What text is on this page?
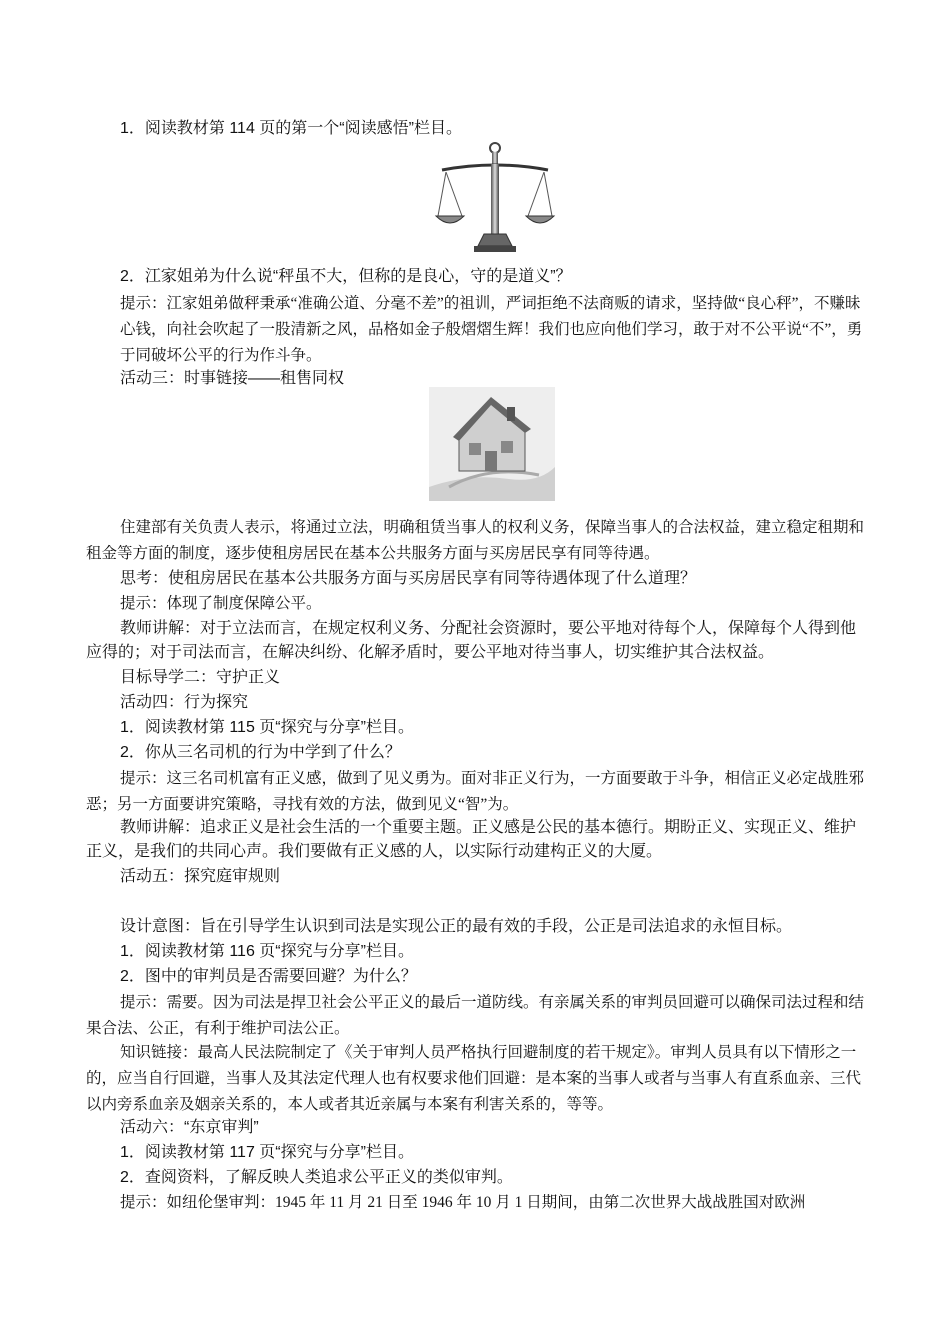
1．阅读教材第 114 页的第一个“阅读感悟”栏目。

2．江家姐弟为什么说“秤虽不大，但称的是良心，守的是道义”？

提示：江家姐弟做秤秉承“准确公道、分毫不差”的祖训，严词拒绝不法商贩的请求，坚持做“良心秤”，不赚昧心钱，向社会吹起了一股清新之风，品格如金子般熠熠生辉！我们也应向他们学习，敢于对不公平说“不”，勇于同破坏公平的行为作斗争。

活动三：时事链接——租售同权

住建部有关负责人表示，将通过立法，明确租赁当事人的权利义务，保障当事人的合法权益，建立稳定租期和租金等方面的制度，逐步使租房居民在基本公共服务方面与买房居民享有同等待遇。

思考：使租房居民在基本公共服务方面与买房居民享有同等待遇体现了什么道理？

提示：体现了制度保障公平。

教师讲解：对于立法而言，在规定权利义务、分配社会资源时，要公平地对待每个人，保障每个人得到他应得的；对于司法而言，在解决纠纷、化解矛盾时，要公平地对待当事人，切实维护其合法权益。

目标导学二：守护正义

活动四：行为探究

1．阅读教材第 115 页“探究与分享”栏目。

2．你从三名司机的行为中学到了什么？

提示：这三名司机富有正义感，做到了见义勇为。面对非正义行为，一方面要敢于斗争，相信正义必定战胜邪恶；另一方面要讲究策略，寻找有效的方法，做到见义“智”为。

教师讲解：追求正义是社会生活的一个重要主题。正义感是公民的基本德行。期盼正义、实现正义、维护正义，是我们的共同心声。我们要做有正义感的人，以实际行动建构正义的大厦。

活动五：探究庭审规则

设计意图：旨在引导学生认识到司法是实现公正的最有效的手段，公正是司法追求的永恒目标。

1．阅读教材第 116 页“探究与分享”栏目。

2．图中的审判员是否需要回避？为什么？

提示：需要。因为司法是捍卫社会公平正义的最后一道防线。有亲属关系的审判员回避可以确保司法过程和结果合法、公正，有利于维护司法公正。

知识链接：最高人民法院制定了《关于审判人员严格执行回避制度的若干规定》。审判人员具有以下情形之一的，应当自行回避，当事人及其法定代理人也有权要求他们回避：是本案的当事人或者与当事人有直系血亲、三代以内旁系血亲及姻亲关系的，本人或者其近亲属与本案有利害关系的，等等。

活动六：“东京审判”

1．阅读教材第 117 页“探究与分享”栏目。

2．查阅资料，了解反映人类追求公平正义的类似审判。

提示：如纽伦堡审判：1945 年 11 月 21 日至 1946 年 10 月 1 日期间，由第二次世界大战战胜国对欧洲
